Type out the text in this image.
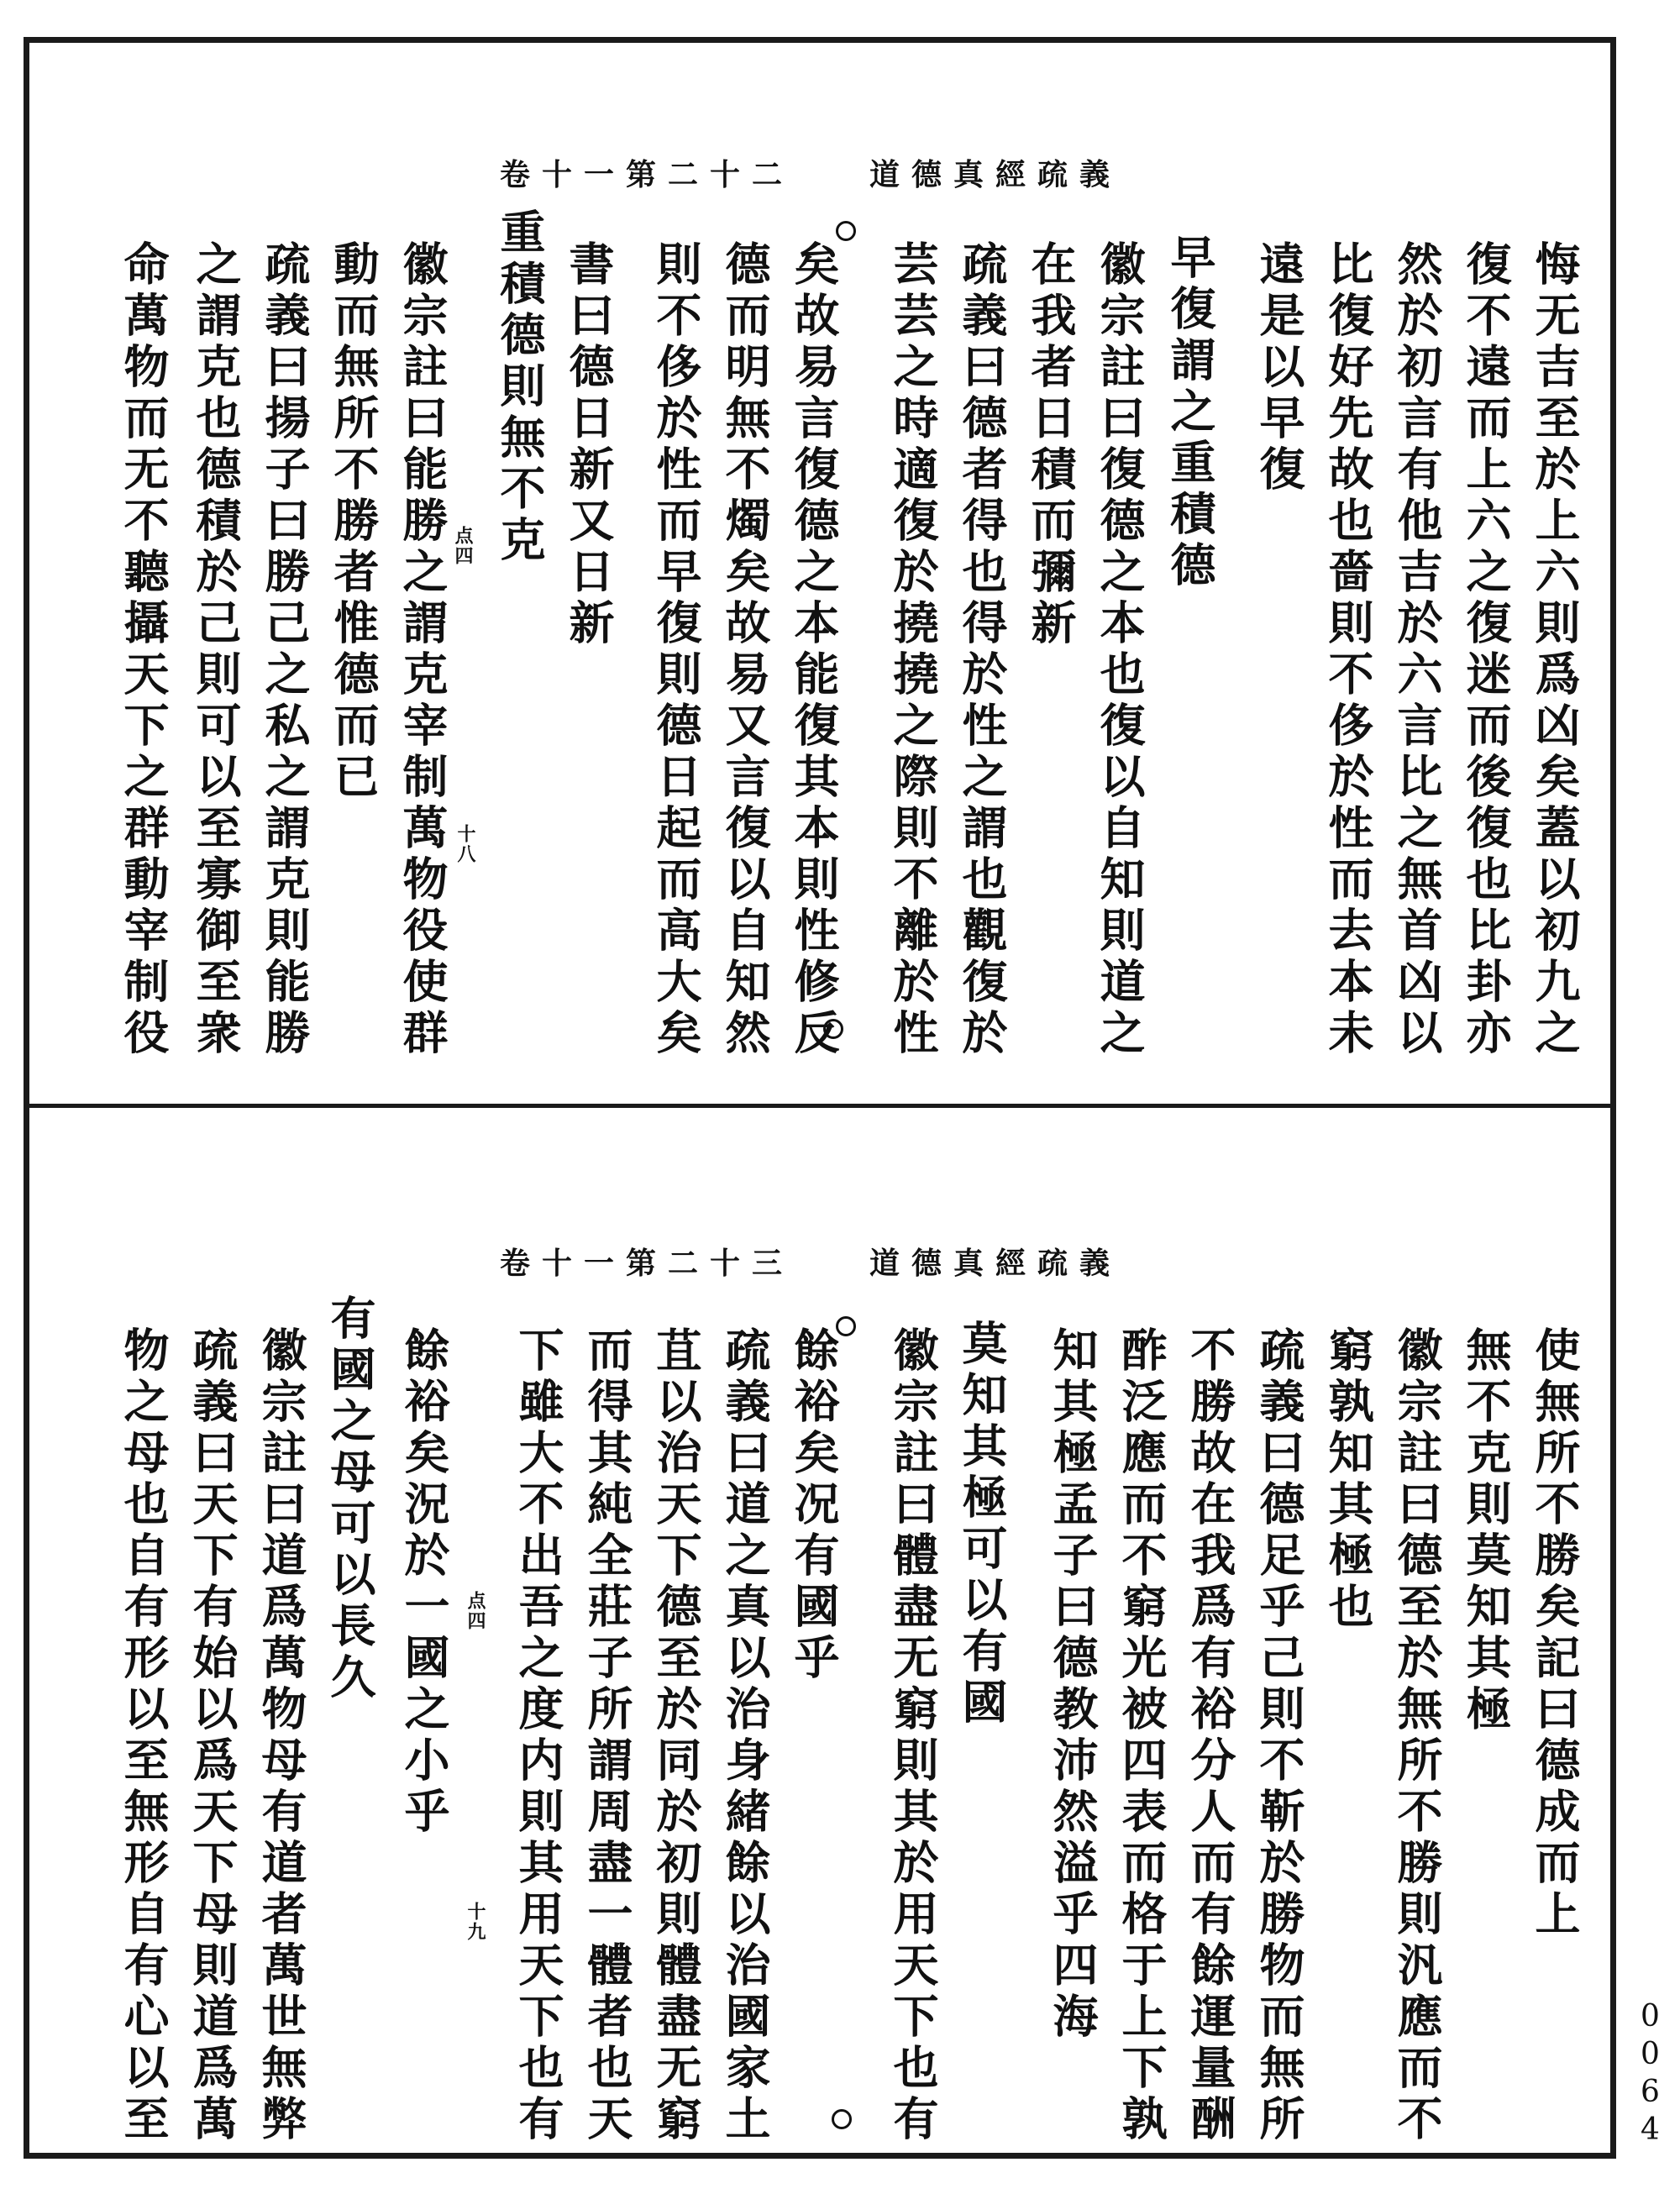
道德真經疏義
卷十一第二十二
悔无吉至於上六則爲凶矣蓋以初九之
復不遠而上六之復迷而後復也比卦亦
然於初言有他吉於六言比之無首凶以
比復好先故也嗇則不侈於性而去本未
遠是以早復
早復謂之重積德
徽宗註曰復德之本也復以自知則道之
在我者日積而彌新
疏義曰德者得也得於性之謂也觀復於
芸芸之時適復於撓撓之際則不離於性
矣故易言復德之本能復其本則性修反
德而明無不燭矣故易又言復以自知然
則不侈於性而早復則德日起而高大矣
書曰德日新又日新
重積德則無不克
徽宗註曰能勝之謂克宰制萬物役使群
動而無所不勝者惟德而已
疏義曰揚子曰勝己之私之謂克則能勝
之謂克也德積於己則可以至寡御至衆
命萬物而无不聽攝天下之群動宰制役	点四
十八
道德真經疏義
卷十一第二十三
使無所不勝矣記曰德成而上
無不克則莫知其極
徽宗註曰德至於無所不勝則汎應而不
窮孰知其極也
疏義曰德足乎己則不靳於勝物而無所
不勝故在我爲有裕分人而有餘運量酬
酢泛應而不窮光被四表而格于上下孰
知其極孟子曰德教沛然溢乎四海
莫知其極可以有國
徽宗註曰體盡无窮則其於用天下也有
餘裕矣况有國乎
疏義曰道之真以治身緒餘以治國家土
苴以治天下德至於同於初則體盡无窮
而得其純全莊子所謂周盡一體者也天
下雖大不出吾之度内則其用天下也有
餘裕矣況於一國之小乎
有國之母可以長久
徽宗註曰道爲萬物母有道者萬世無弊
疏義曰天下有始以爲天下母則道爲萬
物之母也自有形以至無形自有心以至	点四
十九
0064
